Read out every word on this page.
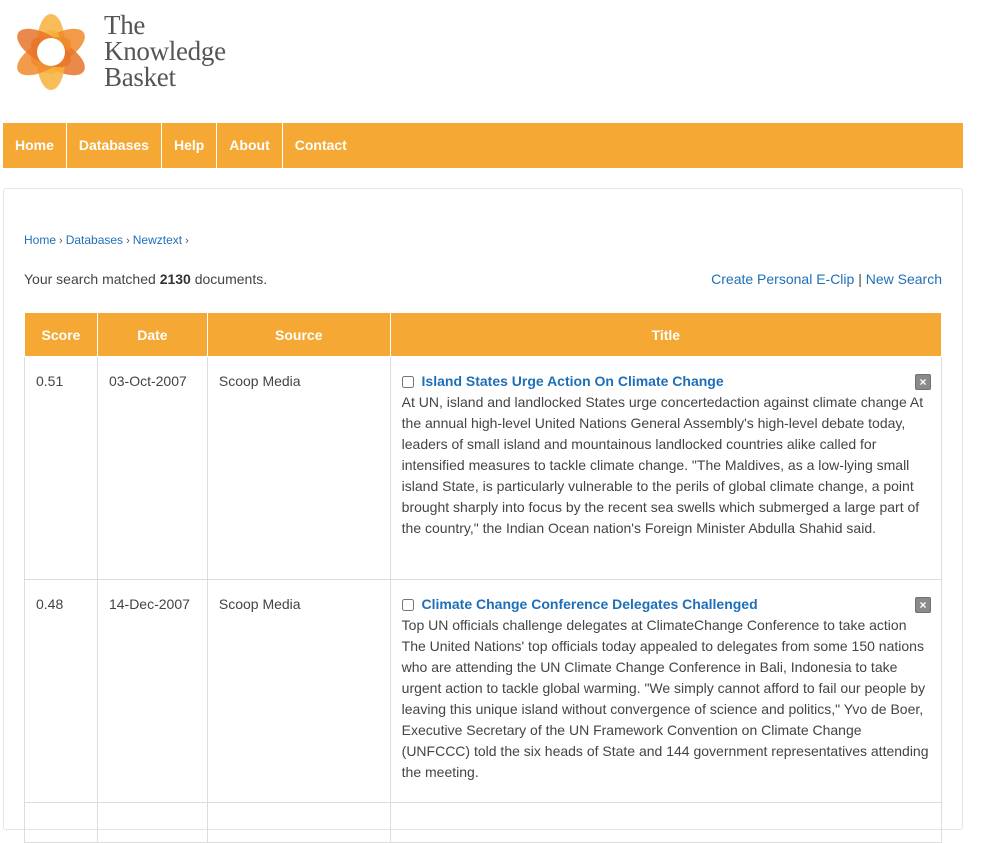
The
Knowledge
Basket
Home	Databases	Help	About	Contact
Home › Databases › Newztext ›
Your search matched 2130 documents.	Create Personal E-Clip | New Search
Score	Date	Source	Title
0.51	03-Oct-2007	Scoop Media	Island States Urge Action On Climate Change ×
At UN, island and landlocked States urge concertedaction against climate change At the annual high-level United Nations General Assembly's high-level debate today, leaders of small island and mountainous landlocked countries alike called for intensified measures to tackle climate change. "The Maldives, as a low-lying small island State, is particularly vulnerable to the perils of global climate change, a point brought sharply into focus by the recent sea swells which submerged a large part of the country," the Indian Ocean nation's Foreign Minister Abdulla Shahid said.

0.48	14-Dec-2007	Scoop Media	Climate Change Conference Delegates Challenged ×
Top UN officials challenge delegates at ClimateChange Conference to take action The United Nations' top officials today appealed to delegates from some 150 nations who are attending the UN Climate Change Conference in Bali, Indonesia to take urgent action to tackle global warming. "We simply cannot afford to fail our people by leaving this unique island without convergence of science and politics," Yvo de Boer, Executive Secretary of the UN Framework Convention on Climate Change (UNFCCC) told the six heads of State and 144 government representatives attending the meeting.
